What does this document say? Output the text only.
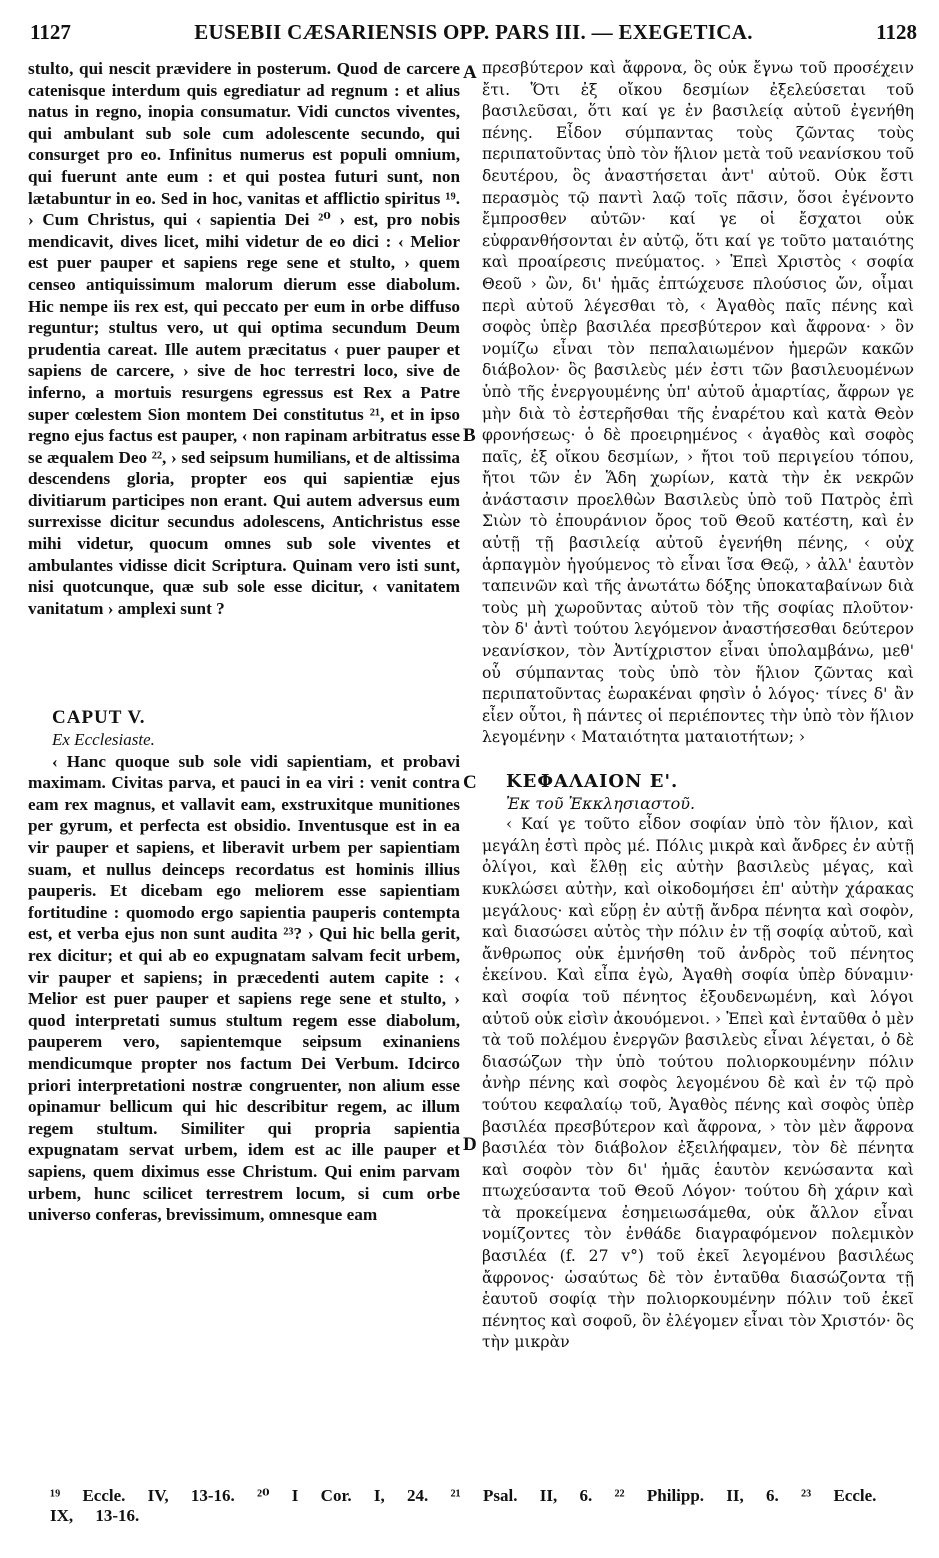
1127	EUSEBII CÆSARIENSIS OPP. PARS III. — EXEGETICA.	1128

stulto, qui nescit prævidere in posterum. Quod de carcere catenisque interdum quis egrediatur ad regnum : et alius natus in regno, inopia consumatur. Vidi cunctos viventes, qui ambulant sub sole cum adolescente secundo, qui consurget pro eo. Infinitus numerus est populi omnium, qui fuerunt ante eum : et qui postea futuri sunt, non lætabuntur in eo. Sed in hoc, vanitas et afflictio spiritus ¹⁹. › Cum Christus, qui ‹ sapientia Dei ²⁰ › est, pro nobis mendicavit, dives licet, mihi videtur de eo dici : ‹ Melior est puer pauper et sapiens rege sene et stulto, › quem censeo antiquissimum malorum dierum esse diabolum. Hic nempe iis rex est, qui peccato per eum in orbe diffuso reguntur; stultus vero, ut qui optima secundum Deum prudentia careat. Ille autem præcitatus ‹ puer pauper et sapiens de carcere, › sive de hoc terrestri loco, sive de inferno, a mortuis resurgens egressus est Rex a Patre super cœlestem Sion montem Dei constitutus ²¹, et in ipso regno ejus factus est pauper, ‹ non rapinam arbitratus esse se æqualem Deo ²², › sed seipsum humilians, et de altissima descendens gloria, propter eos qui sapientiæ ejus divitiarum participes non erant. Qui autem adversus eum surrexisse dicitur secundus adolescens, Antichristus esse mihi videtur, quocum omnes sub sole viventes et ambulantes vidisse dicit Scriptura. Quinam vero isti sunt, nisi quotcunque, quæ sub sole esse dicitur, ‹ vanitatem vanitatum › amplexi sunt ?

CAPUT V.

Ex Ecclesiaste.

‹ Hanc quoque sub sole vidi sapientiam, et probavi maximam. Civitas parva, et pauci in ea viri : venit contra eam rex magnus, et vallavit eam, exstruxitque munitiones per gyrum, et perfecta est obsidio. Inventusque est in ea vir pauper et sapiens, et liberavit urbem per sapientiam suam, et nullus deinceps recordatus est hominis illius pauperis. Et dicebam ego meliorem esse sapientiam fortitudine : quomodo ergo sapientia pauperis contempta est, et verba ejus non sunt audita ²³? › Qui hic bella gerit, rex dicitur; et qui ab eo expugnatam salvam fecit urbem, vir pauper et sapiens; in præcedenti autem capite : ‹ Melior est puer pauper et sapiens rege sene et stulto, › quod interpretati sumus stultum regem esse diabolum, pauperem vero, sapientemque seipsum exinaniens mendicumque propter nos factum Dei Verbum. Idcirco priori interpretationi nostræ congruenter, non alium esse opinamur bellicum qui hic describitur regem, ac illum regem stultum. Similiter qui propria sapientia expugnatam servat urbem, idem est ac ille pauper et sapiens, quem diximus esse Christum. Qui enim parvam urbem, hunc scilicet terrestrem locum, si cum orbe universo conferas, brevissimum, omnesque eam

A
B
C
D

πρεσβύτερον καὶ ἄφρονα, ὃς οὐκ ἔγνω τοῦ προσέχειν ἔτι. Ὅτι ἐξ οἴκου δεσμίων ἐξελεύσεται τοῦ βασιλεῦσαι, ὅτι καί γε ἐν βασιλείᾳ αὐτοῦ ἐγενήθη πένης. Εἶδον σύμπαντας τοὺς ζῶντας τοὺς περιπατοῦντας ὑπὸ τὸν ἥλιον μετὰ τοῦ νεανίσκου τοῦ δευτέρου, ὃς ἀναστήσεται ἀντ' αὐτοῦ. Οὐκ ἔστι περασμὸς τῷ παντὶ λαῷ τοῖς πᾶσιν, ὅσοι ἐγένοντο ἔμπροσθεν αὐτῶν· καί γε οἱ ἔσχατοι οὐκ εὐφρανθήσονται ἐν αὐτῷ, ὅτι καί γε τοῦτο ματαιότης καὶ προαίρεσις πνεύματος. › Ἐπεὶ Χριστὸς ‹ σοφία Θεοῦ › ὢν, δι' ἡμᾶς ἐπτώχευσε πλούσιος ὤν, οἶμαι περὶ αὐτοῦ λέγεσθαι τὸ, ‹ Ἀγαθὸς παῖς πένης καὶ σοφὸς ὑπὲρ βασιλέα πρεσβύτερον καὶ ἄφρονα· › ὃν νομίζω εἶναι τὸν πεπαλαιωμένον ἡμερῶν κακῶν διάβολον· ὃς βασιλεὺς μέν ἐστι τῶν βασιλευομένων ὑπὸ τῆς ἐνεργουμένης ὑπ' αὐτοῦ ἁμαρτίας, ἄφρων γε μὴν διὰ τὸ ἐστερῆσθαι τῆς ἐναρέτου καὶ κατὰ Θεὸν φρονήσεως· ὁ δὲ προειρημένος ‹ ἀγαθὸς καὶ σοφὸς παῖς, ἐξ οἴκου δεσμίων, › ἤτοι τοῦ περιγείου τόπου, ἤτοι τῶν ἐν Ἅδη χωρίων, κατὰ τὴν ἐκ νεκρῶν ἀνάστασιν προελθὼν Βασιλεὺς ὑπὸ τοῦ Πατρὸς ἐπὶ Σιὼν τὸ ἐπουράνιον ὄρος τοῦ Θεοῦ κατέστη, καὶ ἐν αὐτῇ τῇ βασιλείᾳ αὐτοῦ ἐγενήθη πένης, ‹ οὐχ ἁρπαγμὸν ἡγούμενος τὸ εἶναι ἴσα Θεῷ, › ἀλλ' ἑαυτὸν ταπεινῶν καὶ τῆς ἀνωτάτω δόξης ὑποκαταβαίνων διὰ τοὺς μὴ χωροῦντας αὐτοῦ τὸν τῆς σοφίας πλοῦτον· τὸν δ' ἀντὶ τούτου λεγόμενον ἀναστήσεσθαι δεύτερον νεανίσκον, τὸν Ἀντίχριστον εἶναι ὑπολαμβάνω, μεθ' οὗ σύμπαντας τοὺς ὑπὸ τὸν ἥλιον ζῶντας καὶ περιπατοῦντας ἑωρακέναι φησὶν ὁ λόγος· τίνες δ' ἂν εἶεν οὗτοι, ἢ πάντες οἱ περιέποντες τὴν ὑπὸ τὸν ἥλιον λεγομένην ‹ Ματαιότητα ματαιοτήτων; ›

ΚΕΦΑΛΑΙΟΝ Ε'.

Ἐκ τοῦ Ἐκκλησιαστοῦ.

‹ Καί γε τοῦτο εἶδον σοφίαν ὑπὸ τὸν ἥλιον, καὶ μεγάλη ἐστὶ πρὸς μέ. Πόλις μικρὰ καὶ ἄνδρες ἐν αὐτῇ ὀλίγοι, καὶ ἔλθῃ εἰς αὐτὴν βασιλεὺς μέγας, καὶ κυκλώσει αὐτὴν, καὶ οἰκοδομήσει ἐπ' αὐτὴν χάρακας μεγάλους· καὶ εὕρῃ ἐν αὐτῇ ἄνδρα πένητα καὶ σοφὸν, καὶ διασώσει αὐτὸς τὴν πόλιν ἐν τῇ σοφίᾳ αὐτοῦ, καὶ ἄνθρωπος οὐκ ἐμνήσθη τοῦ ἀνδρὸς τοῦ πένητος ἐκείνου. Καὶ εἶπα ἐγὼ, Ἀγαθὴ σοφία ὑπὲρ δύναμιν· καὶ σοφία τοῦ πένητος ἐξουδενωμένη, καὶ λόγοι αὐτοῦ οὐκ εἰσὶν ἀκουόμενοι. › Ἐπεὶ καὶ ἐνταῦθα ὁ μὲν τὰ τοῦ πολέμου ἐνεργῶν βασιλεὺς εἶναι λέγεται, ὁ δὲ διασώζων τὴν ὑπὸ τούτου πολιορκουμένην πόλιν ἀνὴρ πένης καὶ σοφὸς λεγομένου δὲ καὶ ἐν τῷ πρὸ τούτου κεφαλαίῳ τοῦ, Ἀγαθὸς πένης καὶ σοφὸς ὑπὲρ βασιλέα πρεσβύτερον καὶ ἄφρονα, › τὸν μὲν ἄφρονα βασιλέα τὸν διάβολον ἐξειλήφαμεν, τὸν δὲ πένητα καὶ σοφὸν τὸν δι' ἡμᾶς ἑαυτὸν κενώσαντα καὶ πτωχεύσαντα τοῦ Θεοῦ Λόγον· τούτου δὴ χάριν καὶ τὰ προκείμενα ἐσημειωσάμεθα, οὐκ ἄλλον εἶναι νομίζοντες τὸν ἐνθάδε διαγραφόμενον πολεμικὸν βασιλέα (f. 27 v°) τοῦ ἐκεῖ λεγομένου βασιλέως ἄφρονος· ὡσαύτως δὲ τὸν ἐνταῦθα διασώζοντα τῇ ἑαυτοῦ σοφίᾳ τὴν πολιορκουμένην πόλιν τοῦ ἐκεῖ πένητος καὶ σοφοῦ, ὃν ἐλέγομεν εἶναι τὸν Χριστόν· ὃς τὴν μικρὰν

¹⁹ Eccle. IV, 13-16. ²⁰ I Cor. I, 24. ²¹ Psal. II, 6. ²² Philipp. II, 6. ²³ Eccle. IX, 13-16.
